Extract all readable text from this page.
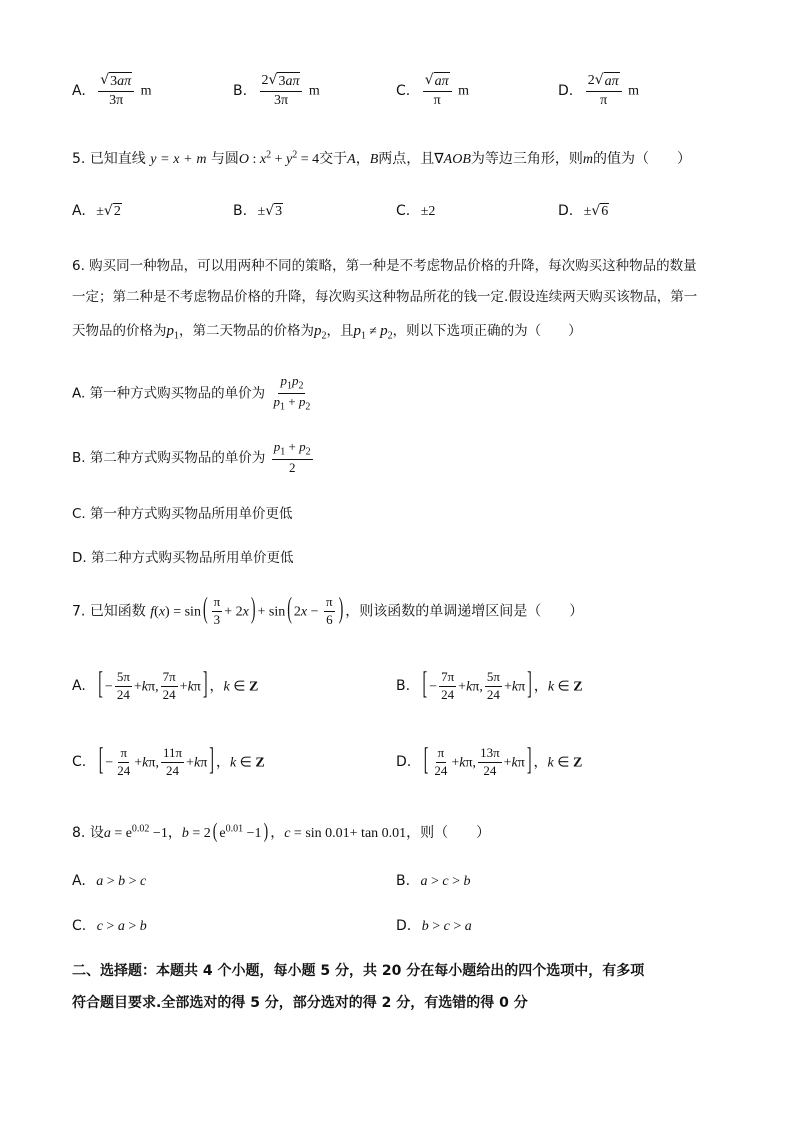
A. $\frac{√ 3a\pi}{3\pi}$ m	B. $\frac{2 √ 3a\pi}{3\pi}$ m	C. $\frac{√ a\pi}{\pi}$ m	D. $\frac{2 √ a\pi}{\pi}$ m
5. 已知直线 y = x + m 与圆O : $x^2 + y^2 = 4$交于A，B两点，且∇AOB为等边三角形，则m的值为（　　）
A. ± √ 2	B. ± √ 3	C. ±2	D. ± √ 6
6. 购买同一种物品，可以用两种不同的策略，第一种是不考虑物品价格的升降，每次购买这种物品的数量
一定；第二种是不考虑物品价格的升降，每次购买这种物品所花的钱一定.假设连续两天购买该物品，第一
天物品的价格为$p_1$，第二天物品的价格为$p_2$，且$p_1 \ne p_2$，则以下选项正确的为（　　）
A. 第一种方式购买物品的单价为 $\frac{p_1p_2}{p_1 + p_2}$
B. 第二种方式购买物品的单价为 $\frac{p_1 + p_2}{2}$
C. 第一种方式购买物品所用单价更低
D. 第二种方式购买物品所用单价更低
7. 已知函数 f(x) = sin ( $\frac{\pi}{3} + 2x$ ) + sin ( $2x - \frac{\pi}{6}$ ) ，则该函数的单调递增区间是（　　）
A. [ − $\frac{5\pi}{24} +k\pi$, $\frac{7\pi}{24} +k\pi$ ] ，k ∈ Z	B. [ − $\frac{7\pi}{24} +k\pi$, $\frac{5\pi}{24} +k\pi$ ] ，k ∈ Z
C. [ − $\frac{\pi}{24} +k\pi$, $\frac{11\pi}{24} +k\pi$ ] ，k ∈ Z	D. [ $\frac{\pi}{24} +k\pi$, $\frac{13\pi}{24} +k\pi$ ] ，k ∈ Z
8. 设$a = e^{0.02} -1$，b = 2 ( $e^{0.01} -1$ ) ，c = sin 0.01+ tan 0.01，则（　　）
A. a > b > c	B. a > c > b
C. c > a > b	D. b > c > a
二、选择题：本题共 4 个小题，每小题 5 分，共 20 分在每小题给出的四个选项中，有多项
符合题目要求.全部选对的得 5 分，部分选对的得 2 分，有选错的得 0 分
